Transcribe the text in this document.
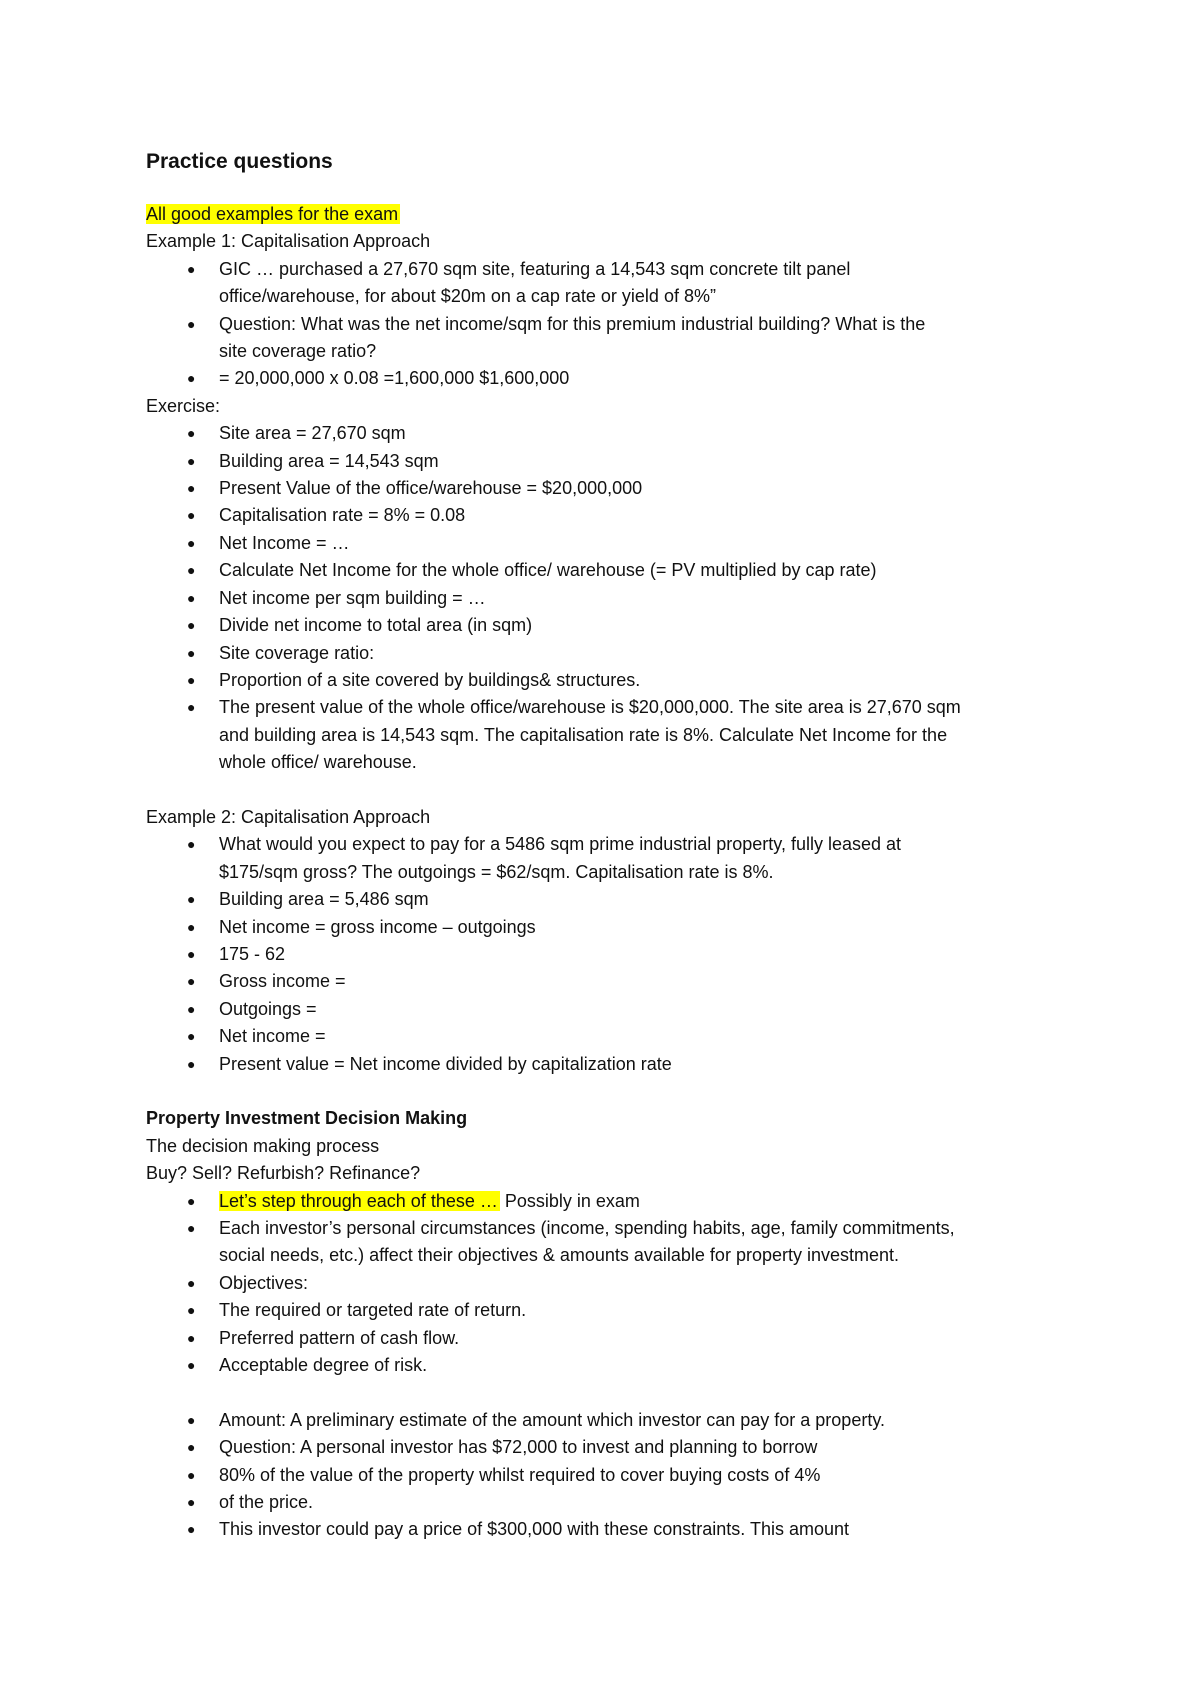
Practice questions

All good examples for the exam

Example 1: Capitalisation Approach

● GIC … purchased a 27,670 sqm site, featuring a 14,543 sqm concrete tilt panel
office/warehouse, for about $20m on a cap rate or yield of 8%”
● Question: What was the net income/sqm for this premium industrial building? What is the
site coverage ratio?
● = 20,000,000 x 0.08 =1,600,000 $1,600,000

Exercise:

● Site area = 27,670 sqm
● Building area = 14,543 sqm
● Present Value of the office/warehouse = $20,000,000
● Capitalisation rate = 8% = 0.08
● Net Income = …
● Calculate Net Income for the whole office/ warehouse (= PV multiplied by cap rate)
● Net income per sqm building = …
● Divide net income to total area (in sqm)
● Site coverage ratio:
● Proportion of a site covered by buildings& structures.
● The present value of the whole office/warehouse is $20,000,000. The site area is 27,670 sqm
and building area is 14,543 sqm. The capitalisation rate is 8%. Calculate Net Income for the
whole office/ warehouse.

Example 2: Capitalisation Approach

● What would you expect to pay for a 5486 sqm prime industrial property, fully leased at
$175/sqm gross? The outgoings = $62/sqm. Capitalisation rate is 8%.
● Building area = 5,486 sqm
● Net income = gross income – outgoings
● 175 - 62
● Gross income =
● Outgoings =
● Net income =
● Present value = Net income divided by capitalization rate

Property Investment Decision Making

The decision making process

Buy? Sell? Refurbish? Refinance?

● Let’s step through each of these … Possibly in exam
● Each investor’s personal circumstances (income, spending habits, age, family commitments,
social needs, etc.) affect their objectives & amounts available for property investment.
● Objectives:
● The required or targeted rate of return.
● Preferred pattern of cash flow.
● Acceptable degree of risk.
● Amount: A preliminary estimate of the amount which investor can pay for a property.
● Question: A personal investor has $72,000 to invest and planning to borrow
● 80% of the value of the property whilst required to cover buying costs of 4%
● of the price.
● This investor could pay a price of $300,000 with these constraints. This amount
